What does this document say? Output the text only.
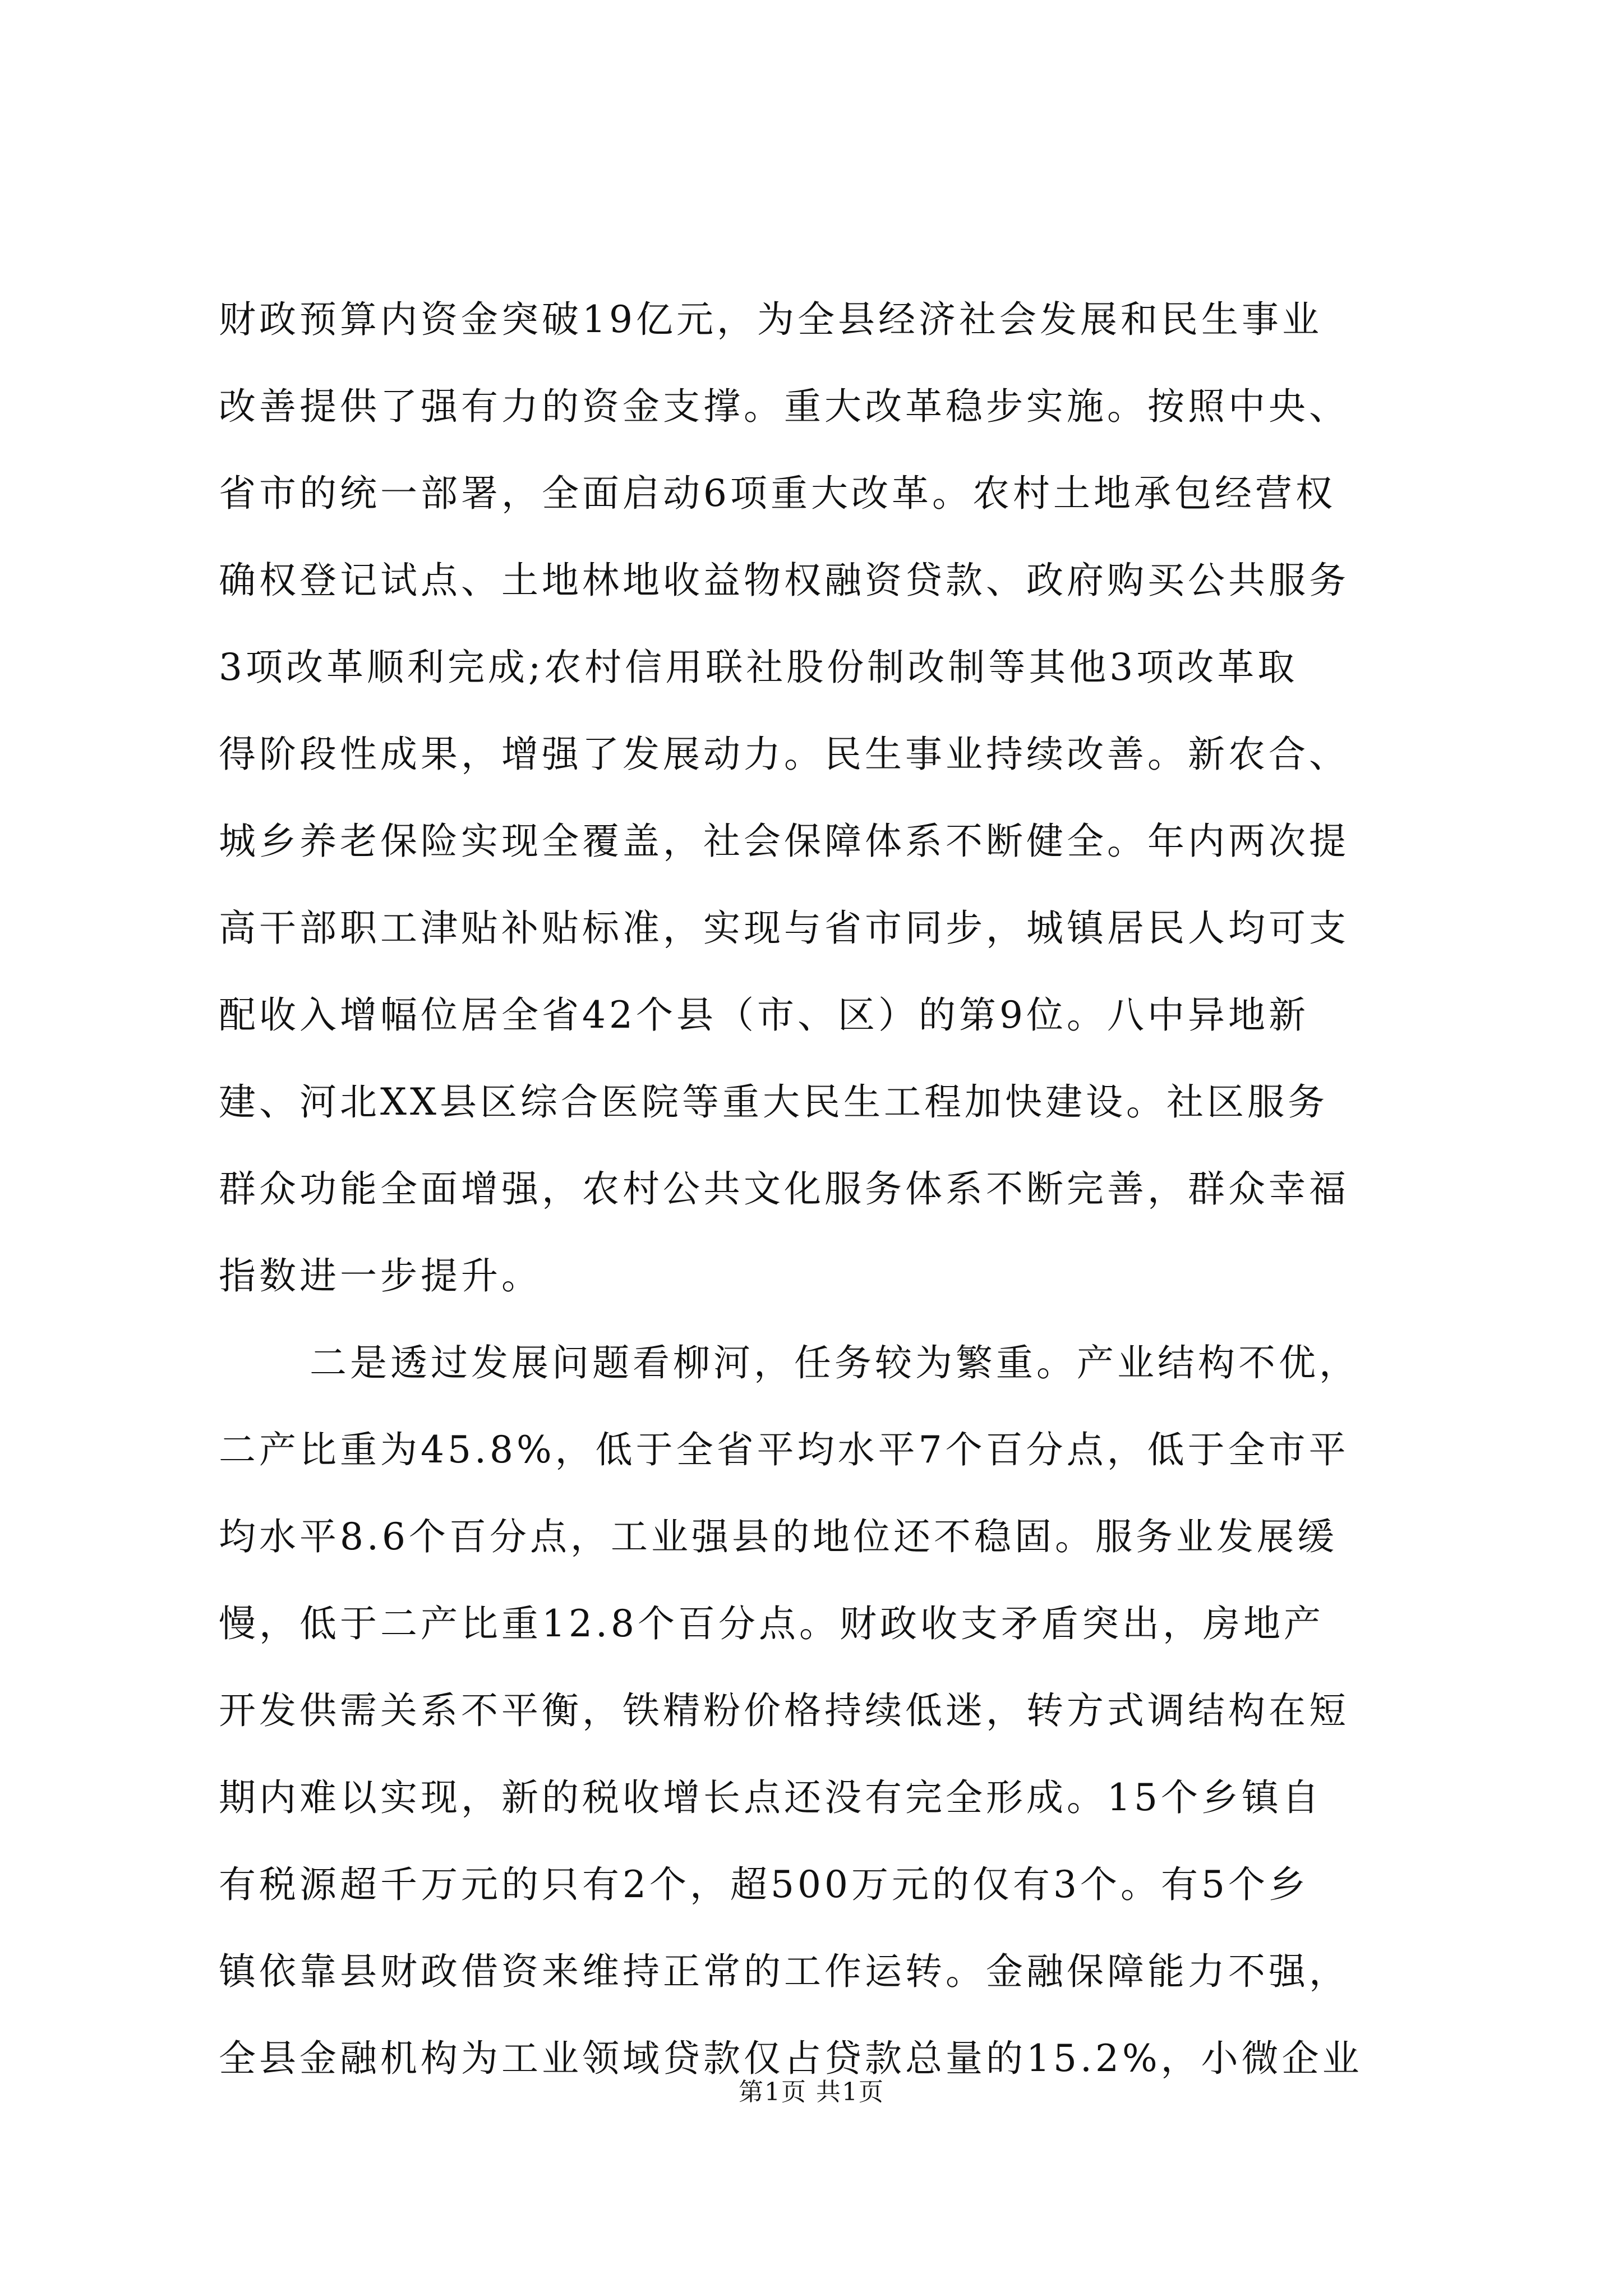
财政预算内资金突破19亿元，为全县经济社会发展和民生事业
改善提供了强有力的资金支撑。重大改革稳步实施。按照中央、
省市的统一部署，全面启动6项重大改革。农村土地承包经营权
确权登记试点、土地林地收益物权融资贷款、政府购买公共服务
3项改革顺利完成;农村信用联社股份制改制等其他3项改革取
得阶段性成果，增强了发展动力。民生事业持续改善。新农合、
城乡养老保险实现全覆盖，社会保障体系不断健全。年内两次提
高干部职工津贴补贴标准，实现与省市同步，城镇居民人均可支
配收入增幅位居全省42个县（市、区）的第9位。八中异地新
建、河北XX县区综合医院等重大民生工程加快建设。社区服务
群众功能全面增强，农村公共文化服务体系不断完善，群众幸福
指数进一步提升。
二是透过发展问题看柳河，任务较为繁重。产业结构不优，
二产比重为45.8%，低于全省平均水平7个百分点，低于全市平
均水平8.6个百分点，工业强县的地位还不稳固。服务业发展缓
慢，低于二产比重12.8个百分点。财政收支矛盾突出，房地产
开发供需关系不平衡，铁精粉价格持续低迷，转方式调结构在短
期内难以实现，新的税收增长点还没有完全形成。15个乡镇自
有税源超千万元的只有2个，超500万元的仅有3个。有5个乡
镇依靠县财政借资来维持正常的工作运转。金融保障能力不强，
全县金融机构为工业领域贷款仅占贷款总量的15.2%，小微企业
第1页 共1页
